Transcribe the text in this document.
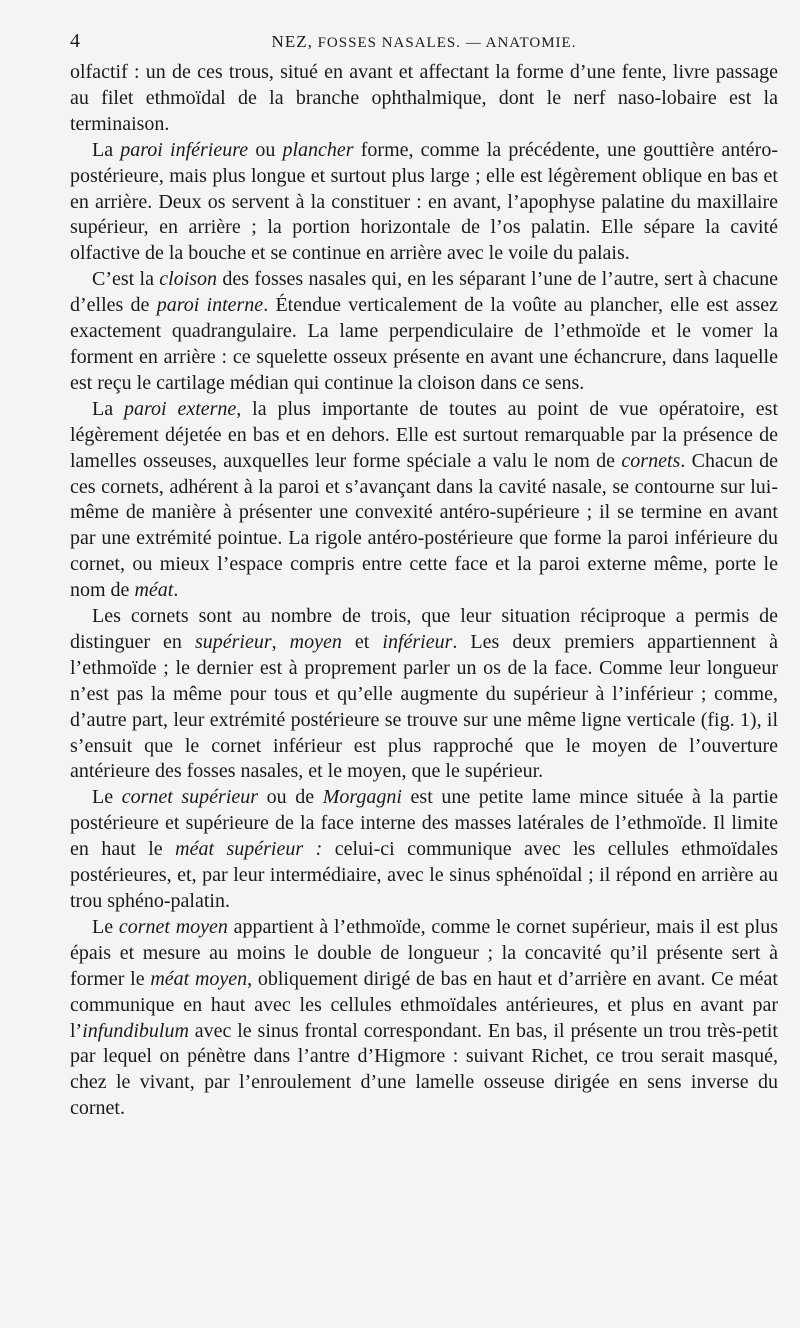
4	NEZ, FOSSES NASALES. — ANATOMIE.

olfactif : un de ces trous, situé en avant et affectant la forme d’une fente, livre passage au filet ethmoïdal de la branche ophthalmique, dont le nerf naso-lobaire est la terminaison.

La paroi inférieure ou plancher forme, comme la précédente, une gouttière antéro-postérieure, mais plus longue et surtout plus large ; elle est légèrement oblique en bas et en arrière. Deux os servent à la constituer : en avant, l’apophyse palatine du maxillaire supérieur, en arrière ; la portion horizontale de l’os palatin. Elle sépare la cavité olfactive de la bouche et se continue en arrière avec le voile du palais.

C’est la cloison des fosses nasales qui, en les séparant l’une de l’autre, sert à chacune d’elles de paroi interne. Étendue verticalement de la voûte au plancher, elle est assez exactement quadrangulaire. La lame perpendiculaire de l’ethmoïde et le vomer la forment en arrière : ce squelette osseux présente en avant une échancrure, dans laquelle est reçu le cartilage médian qui continue la cloison dans ce sens.

La paroi externe, la plus importante de toutes au point de vue opératoire, est légèrement déjetée en bas et en dehors. Elle est surtout remarquable par la présence de lamelles osseuses, auxquelles leur forme spéciale a valu le nom de cornets. Chacun de ces cornets, adhérent à la paroi et s’avançant dans la cavité nasale, se contourne sur lui-même de manière à présenter une convexité antéro-supérieure ; il se termine en avant par une extrémité pointue. La rigole antéro-postérieure que forme la paroi inférieure du cornet, ou mieux l’espace compris entre cette face et la paroi externe même, porte le nom de méat.

Les cornets sont au nombre de trois, que leur situation réciproque a permis de distinguer en supérieur, moyen et inférieur. Les deux premiers appartiennent à l’ethmoïde ; le dernier est à proprement parler un os de la face. Comme leur longueur n’est pas la même pour tous et qu’elle augmente du supérieur à l’inférieur ; comme, d’autre part, leur extrémité postérieure se trouve sur une même ligne verticale (fig. 1), il s’ensuit que le cornet inférieur est plus rapproché que le moyen de l’ouverture antérieure des fosses nasales, et le moyen, que le supérieur.

Le cornet supérieur ou de Morgagni est une petite lame mince située à la partie postérieure et supérieure de la face interne des masses latérales de l’ethmoïde. Il limite en haut le méat supérieur : celui-ci communique avec les cellules ethmoïdales postérieures, et, par leur intermédiaire, avec le sinus sphénoïdal ; il répond en arrière au trou sphéno-palatin.

Le cornet moyen appartient à l’ethmoïde, comme le cornet supérieur, mais il est plus épais et mesure au moins le double de longueur ; la concavité qu’il présente sert à former le méat moyen, obliquement dirigé de bas en haut et d’arrière en avant. Ce méat communique en haut avec les cellules ethmoïdales antérieures, et plus en avant par l’infundibulum avec le sinus frontal correspondant. En bas, il présente un trou très-petit par lequel on pénètre dans l’antre d’Higmore : suivant Richet, ce trou serait masqué, chez le vivant, par l’enroulement d’une lamelle osseuse dirigée en sens inverse du cornet.
